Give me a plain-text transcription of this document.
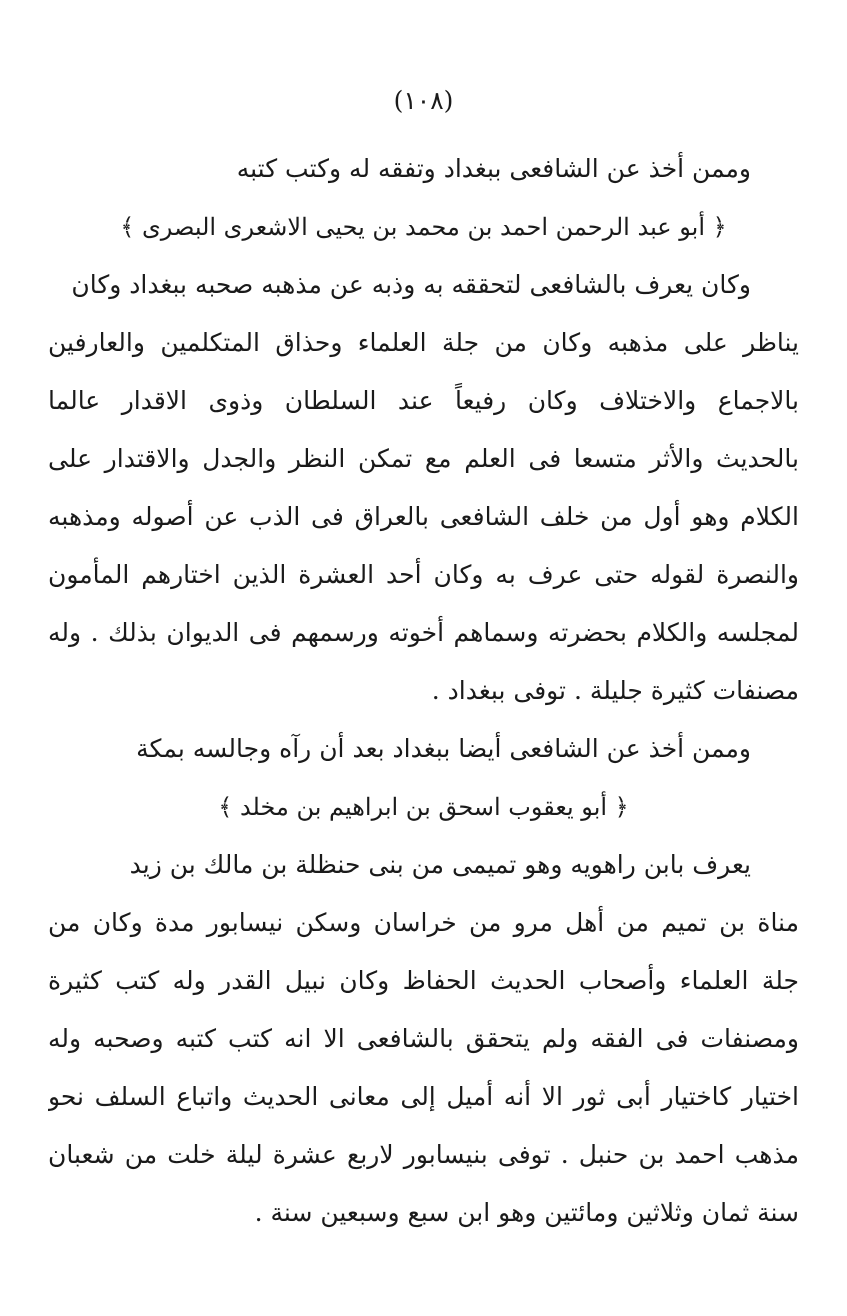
(١٠٨)
وممن أخذ عن الشافعى ببغداد وتفقه له وكتب كتبه
﴿ أبو عبد الرحمن احمد بن محمد بن يحيى الاشعرى البصرى ﴾
وكان يعرف بالشافعى لتحققه به وذبه عن مذهبه صحبه ببغداد وكان
يناظر على مذهبه وكان من جلة العلماء وحذاق المتكلمين والعارفين
بالاجماع والاختلاف وكان رفيعاً عند السلطان وذوى الاقدار عالما
بالحديث والأثر متسعا فى العلم مع تمكن النظر والجدل والاقتدار على
الكلام وهو أول من خلف الشافعى بالعراق فى الذب عن أصوله ومذهبه
والنصرة لقوله حتى عرف به وكان أحد العشرة الذين اختارهم المأمون
لمجلسه والكلام بحضرته وسماهم أخوته ورسمهم فى الديوان بذلك . وله
مصنفات كثيرة جليلة . توفى ببغداد .
وممن أخذ عن الشافعى أيضا ببغداد بعد أن رآه وجالسه بمكة
﴿ أبو يعقوب اسحق بن ابراهيم بن مخلد ﴾
يعرف بابن راهويه وهو تميمى من بنى حنظلة بن مالك بن زيد
مناة بن تميم من أهل مرو من خراسان وسكن نيسابور مدة وكان من
جلة العلماء وأصحاب الحديث الحفاظ وكان نبيل القدر وله كتب كثيرة
ومصنفات فى الفقه ولم يتحقق بالشافعى الا انه كتب كتبه وصحبه وله
اختيار كاختيار أبى ثور الا أنه أميل إلى معانى الحديث واتباع السلف نحو
مذهب احمد بن حنبل . توفى بنيسابور لاربع عشرة ليلة خلت من شعبان
سنة ثمان وثلاثين ومائتين وهو ابن سبع وسبعين سنة .
